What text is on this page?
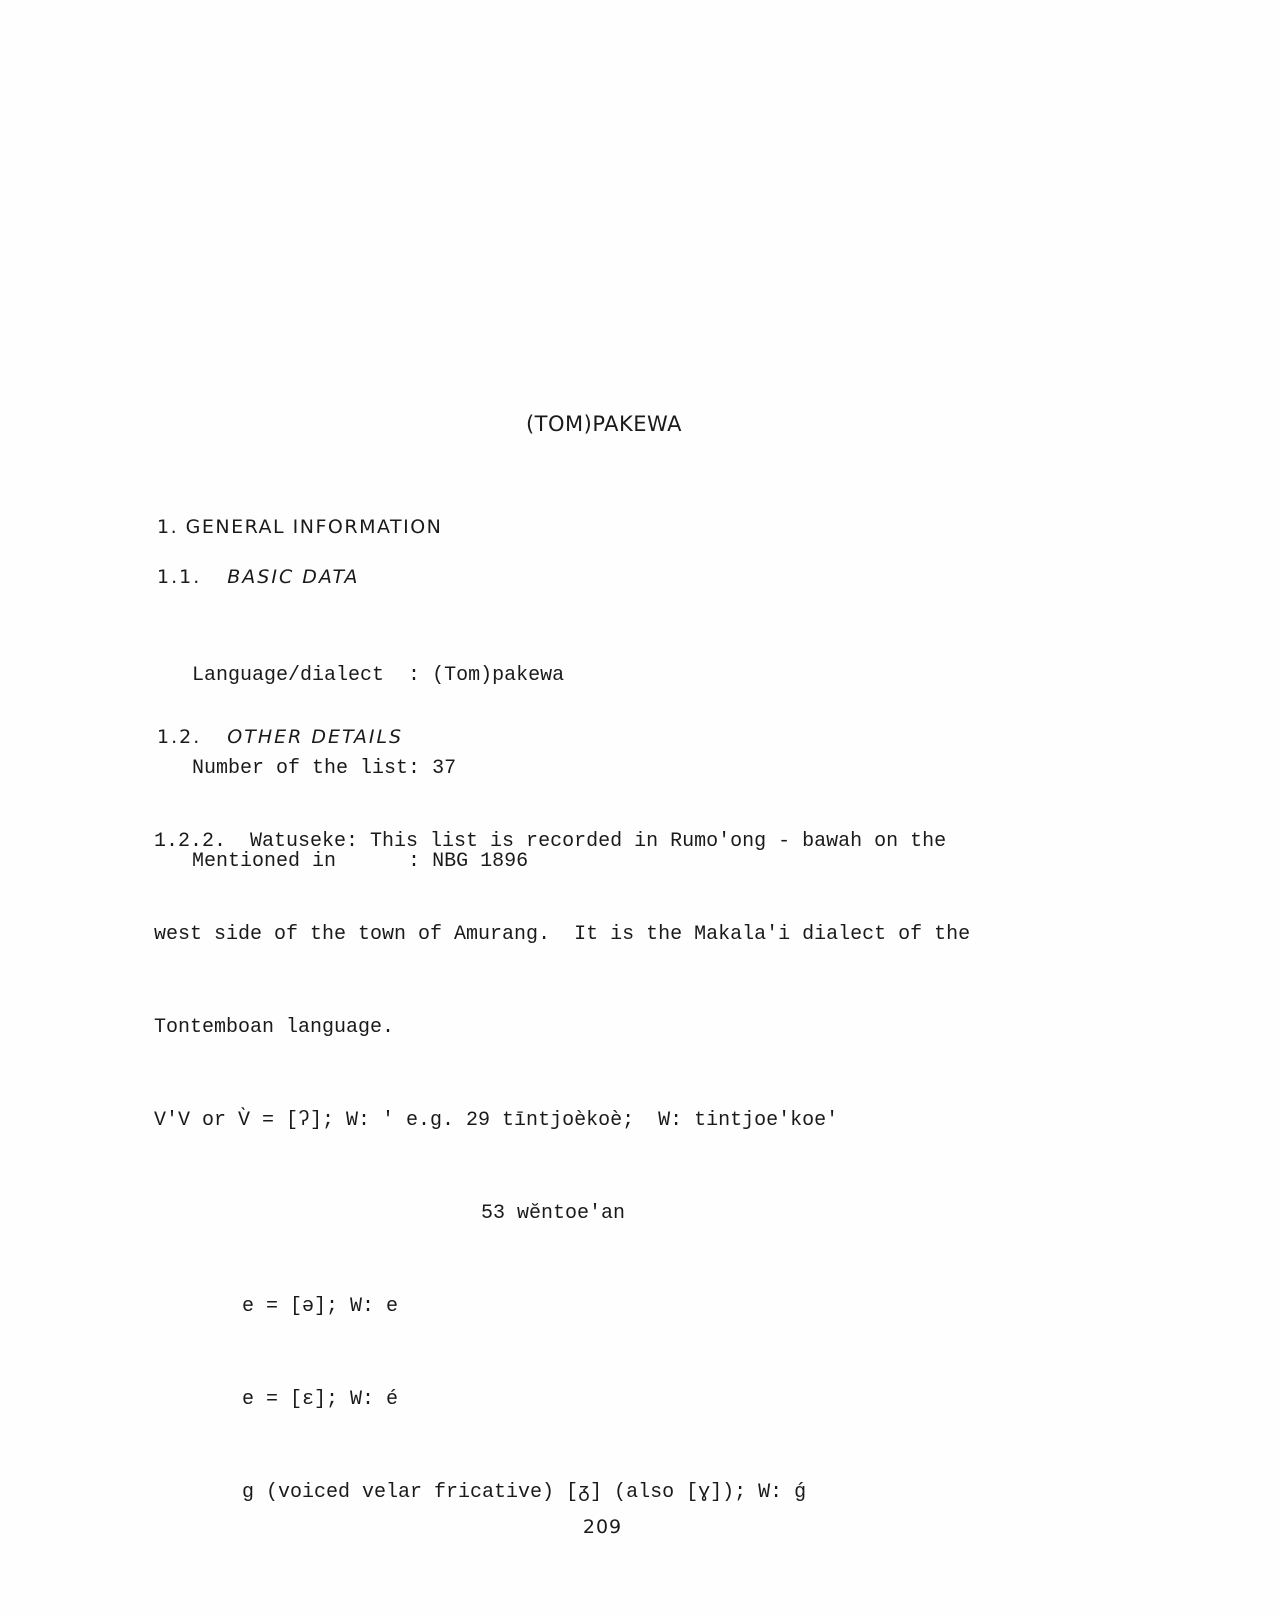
(TOM)PAKEWA
1. GENERAL INFORMATION
1.1. BASIC DATA

Language/dialect  : (Tom)pakewa

Number of the list: 37

Mentioned in      : NBG 1896

1.2. OTHER DETAILS

1.2.2.  Watuseke: This list is recorded in Rumo'ong - bawah on the

west side of the town of Amurang.  It is the Makala'i dialect of the

Tontemboan language.

V'V or V̀ = [ʔ]; W: ' e.g. 29 tīntjoèkoè;  W: tintjoe'koe'

53 wĕntoe'an

e = [ə]; W: e

e = [ɛ]; W: é

g (voiced velar fricative) [ᵹ] (also [ɣ]); W: ǵ

209
